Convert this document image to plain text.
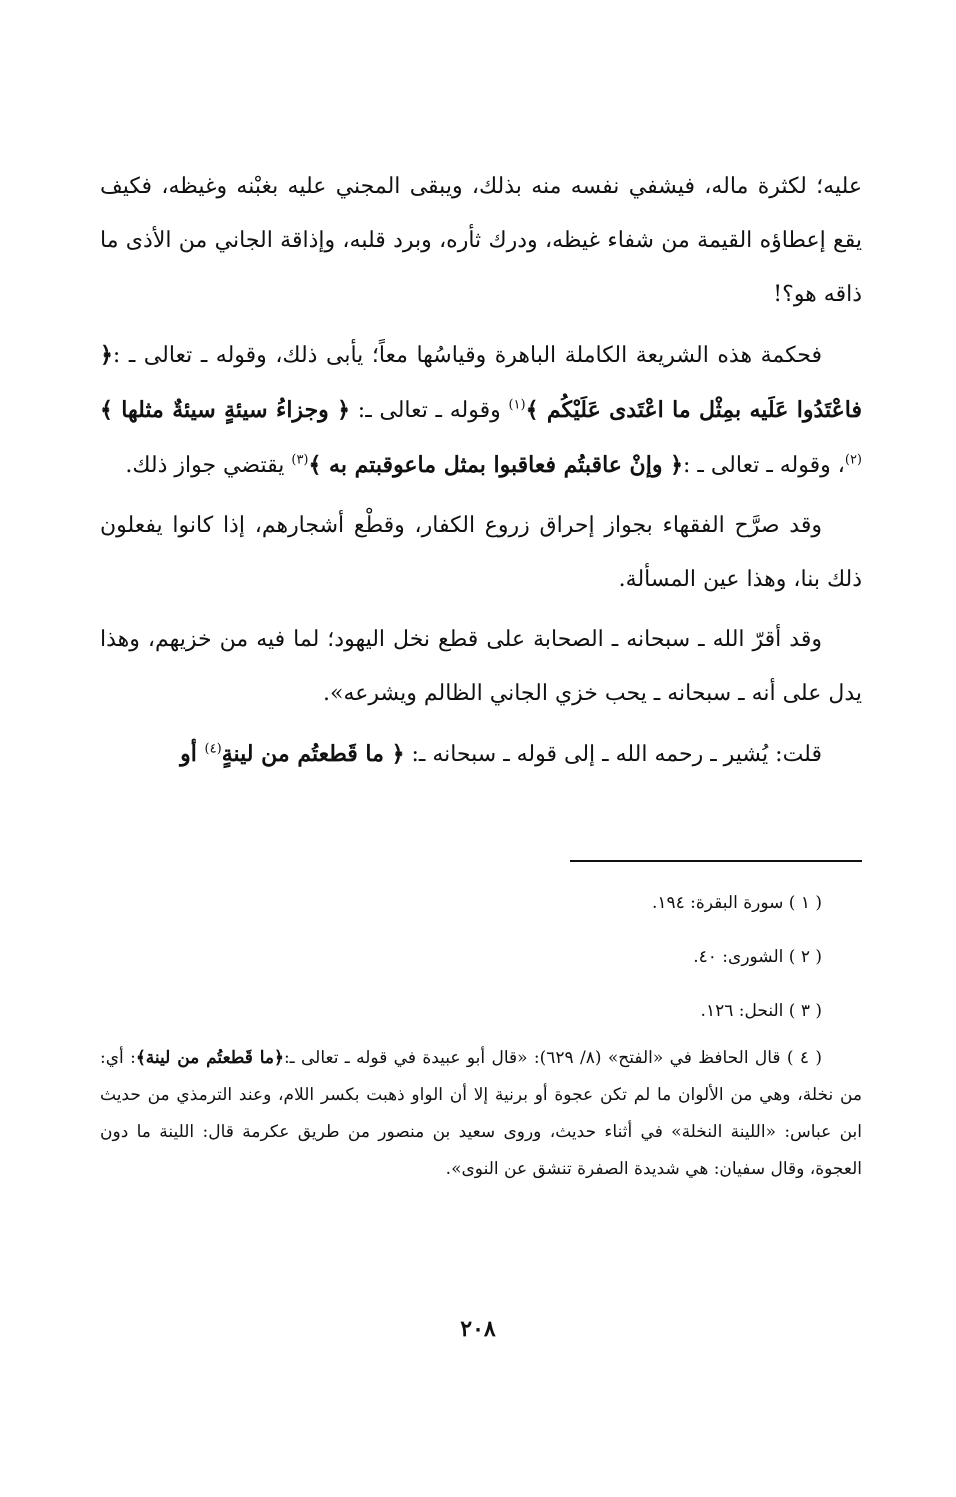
عليه؛ لكثرة ماله، فيشفي نفسه منه بذلك، ويبقى المجني عليه بغبْنه وغيظه، فكيف يقع إعطاؤه القيمة من شفاء غيظه، ودرك ثأره، وبرد قلبه، وإذاقة الجاني من الأذى ما ذاقه هو؟!

فحكمة هذه الشريعة الكاملة الباهرة وقياسُها معاً؛ يأبى ذلك، وقوله ـ تعالى ـ :﴿ فاعْتَدُوا عَلَيه بمِثْل ما اعْتَدى عَلَيْكُم ﴾$^{(١)}$ وقوله ـ تعالى ـ: ﴿ وجزاءُ سيئةٍ سيئةٌ مثلها ﴾$^{(٢)}$، وقوله ـ تعالى ـ :﴿ وإنْ عاقبتُم فعاقبوا بمثل ماعوقبتم به ﴾$^{(٣)}$ يقتضي جواز ذلك.

وقد صرَّح الفقهاء بجواز إحراق زروع الكفار، وقطْع أشجارهم، إذا كانوا يفعلون ذلك بنا، وهذا عين المسألة.

وقد أقرّ الله ـ سبحانه ـ الصحابة على قطع نخل اليهود؛ لما فيه من خزيهم، وهذا يدل على أنه ـ سبحانه ـ يحب خزي الجاني الظالم ويشرعه».

قلت: يُشير ـ رحمه الله ـ إلى قوله ـ سبحانه ـ: ﴿ ما قَطعتُم من لينةٍ$^{(٤)}$ أو

( ١ ) سورة البقرة: ١٩٤.

( ٢ ) الشورى: ٤٠.

( ٣ ) النحل: ١٢٦.

( ٤ ) قال الحافظ في «الفتح» (٨/ ٦٢٩): «قال أبو عبيدة في قوله ـ تعالى ـ:﴿ما قَطعتُم من لينة﴾: أي: من نخلة، وهي من الألوان ما لم تكن عجوة أو برنية إلا أن الواو ذهبت بكسر اللام، وعند الترمذي من حديث ابن عباس: «اللينة النخلة» في أثناء حديث، وروى سعيد بن منصور من طريق عكرمة قال: اللينة ما دون العجوة، وقال سفيان: هي شديدة الصفرة تنشق عن النوى».

٢٠٨
